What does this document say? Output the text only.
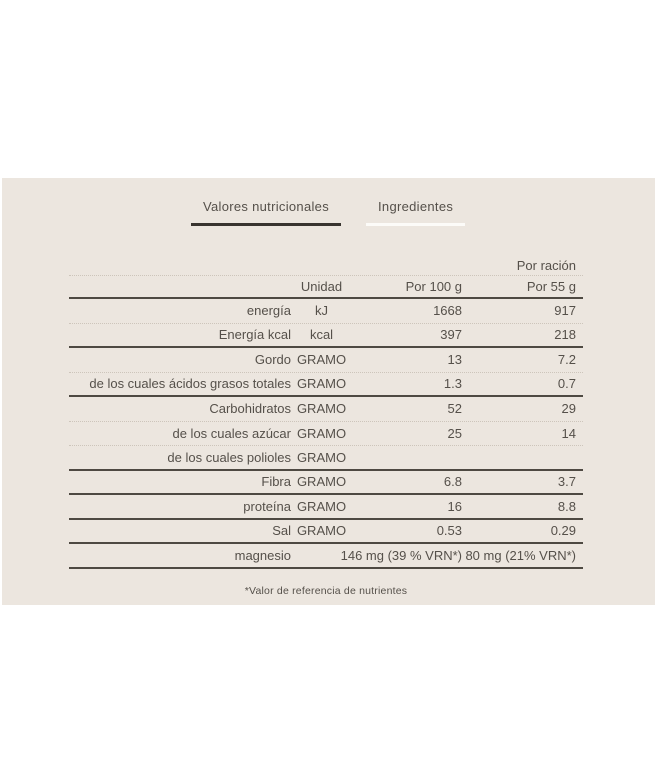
Valores nutricionales	Ingredientes
Por ración
Unidad	Por 100 g	Por 55 g
energía	kJ	1668	917
Energía kcal	kcal	397	218
Gordo GRAMO	13	7.2
de los cuales ácidos grasos totales GRAMO	1.3	0.7
Carbohidratos GRAMO	52	29
de los cuales azúcar GRAMO	25	14
de los cuales polioles GRAMO
Fibra GRAMO	6.8	3.7
proteína GRAMO	16	8.8
Sal GRAMO	0.53	0.29
magnesio	146 mg (39 % VRN*) 80 mg (21% VRN*)
*Valor de referencia de nutrientes
